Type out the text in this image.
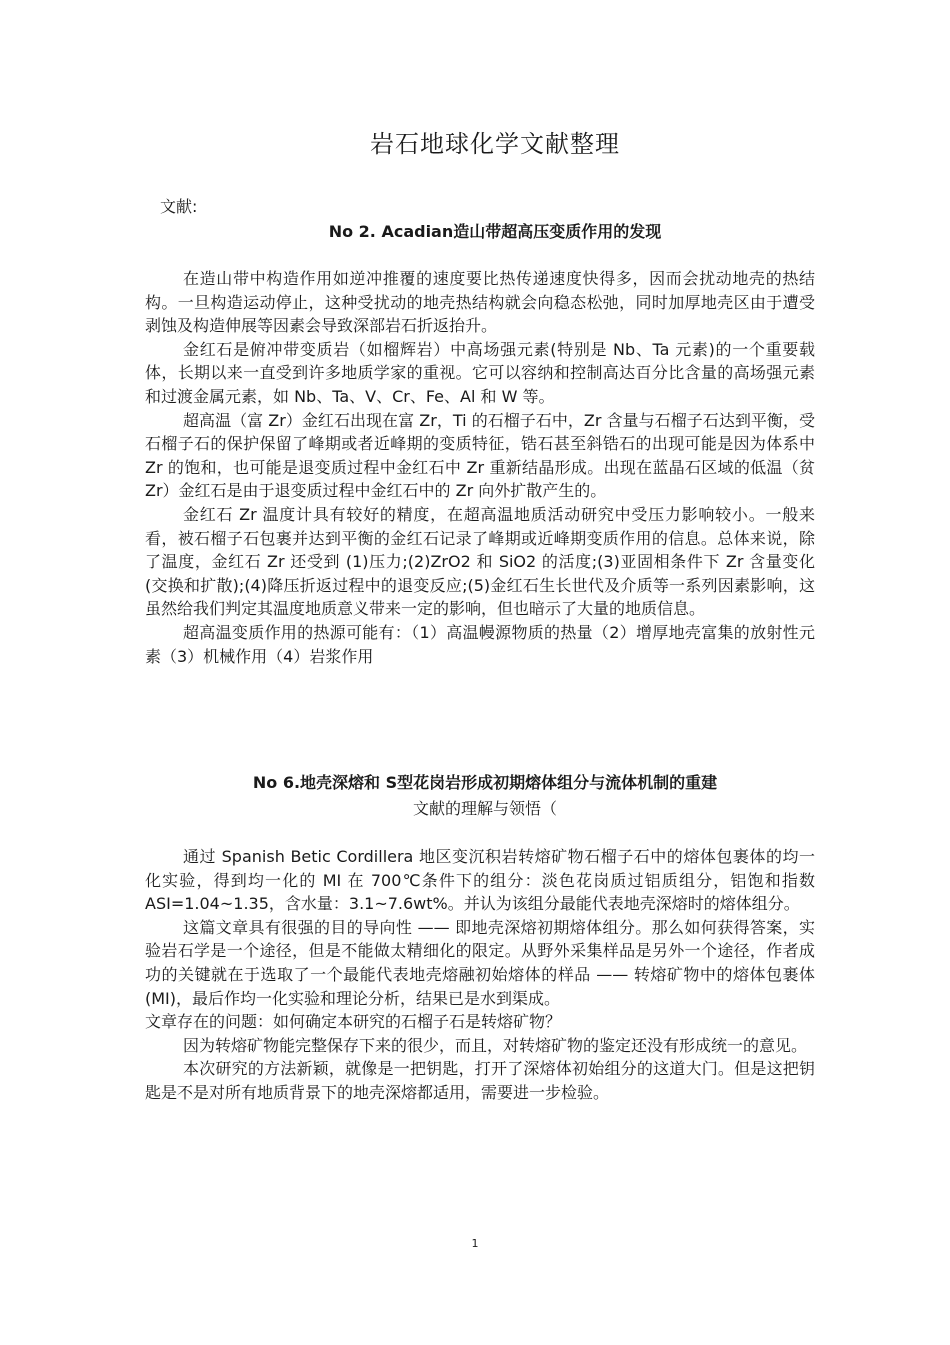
岩石地球化学文献整理
文献:
No 2. Acadian造山带超高压变质作用的发现

在造山带中构造作用如逆冲推覆的速度要比热传递速度快得多，因而会扰动地壳的热结构。一旦构造运动停止，这种受扰动的地壳热结构就会向稳态松弛，同时加厚地壳区由于遭受剥蚀及构造伸展等因素会导致深部岩石折返抬升。

金红石是俯冲带变质岩（如榴辉岩）中高场强元素(特别是 Nb、Ta 元素)的一个重要载体，长期以来一直受到许多地质学家的重视。它可以容纳和控制高达百分比含量的高场强元素和过渡金属元素，如 Nb、Ta、V、Cr、Fe、Al 和 W 等。

超高温（富 Zr）金红石出现在富 Zr，Ti 的石榴子石中，Zr 含量与石榴子石达到平衡，受石榴子石的保护保留了峰期或者近峰期的变质特征，锆石甚至斜锆石的出现可能是因为体系中 Zr 的饱和，也可能是退变质过程中金红石中 Zr 重新结晶形成。出现在蓝晶石区域的低温（贫 Zr）金红石是由于退变质过程中金红石中的 Zr 向外扩散产生的。

金红石 Zr 温度计具有较好的精度，在超高温地质活动研究中受压力影响较小。一般来看，被石榴子石包裹并达到平衡的金红石记录了峰期或近峰期变质作用的信息。总体来说，除了温度，金红石 Zr 还受到 (1)压力;(2)ZrO2 和 SiO2 的活度;(3)亚固相条件下 Zr 含量变化 (交换和扩散);(4)降压折返过程中的退变反应;(5)金红石生长世代及介质等一系列因素影响，这虽然给我们判定其温度地质意义带来一定的影响，但也暗示了大量的地质信息。

超高温变质作用的热源可能有：（1）高温幔源物质的热量（2）增厚地壳富集的放射性元素（3）机械作用（4）岩浆作用

No 6.地壳深熔和 S型花岗岩形成初期熔体组分与流体机制的重建
文献的理解与领悟（

通过 Spanish Betic Cordillera 地区变沉积岩转熔矿物石榴子石中的熔体包裹体的均一化实验，得到均一化的 MI 在 700℃条件下的组分：淡色花岗质过铝质组分，铝饱和指数 ASI=1.04~1.35，含水量：3.1~7.6wt%。并认为该组分最能代表地壳深熔时的熔体组分。

这篇文章具有很强的目的导向性 —— 即地壳深熔初期熔体组分。那么如何获得答案，实验岩石学是一个途径，但是不能做太精细化的限定。从野外采集样品是另外一个途径，作者成功的关键就在于选取了一个最能代表地壳熔融初始熔体的样品 —— 转熔矿物中的熔体包裹体 (MI)，最后作均一化实验和理论分析，结果已是水到渠成。

文章存在的问题：如何确定本研究的石榴子石是转熔矿物？

因为转熔矿物能完整保存下来的很少，而且，对转熔矿物的鉴定还没有形成统一的意见。

本次研究的方法新颖，就像是一把钥匙，打开了深熔体初始组分的这道大门。但是这把钥匙是不是对所有地质背景下的地壳深熔都适用，需要进一步检验。

1
